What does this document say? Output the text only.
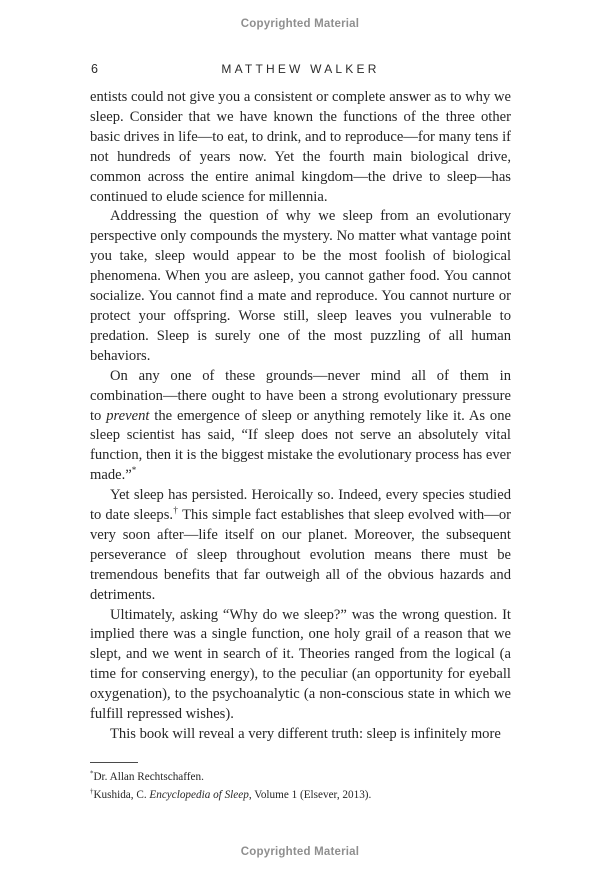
Copyrighted Material
6	MATTHEW WALKER

entists could not give you a consistent or complete answer as to why we sleep. Consider that we have known the functions of the three other basic drives in life—to eat, to drink, and to reproduce—for many tens if not hundreds of years now. Yet the fourth main biological drive, common across the entire animal kingdom—the drive to sleep—has continued to elude science for millennia.

Addressing the question of why we sleep from an evolutionary perspective only compounds the mystery. No matter what vantage point you take, sleep would appear to be the most foolish of biological phenomena. When you are asleep, you cannot gather food. You cannot socialize. You cannot find a mate and reproduce. You cannot nurture or protect your offspring. Worse still, sleep leaves you vulnerable to predation. Sleep is surely one of the most puzzling of all human behaviors.

On any one of these grounds—never mind all of them in combination—there ought to have been a strong evolutionary pressure to prevent the emergence of sleep or anything remotely like it. As one sleep scientist has said, “If sleep does not serve an absolutely vital function, then it is the biggest mistake the evolutionary process has ever made.”*

Yet sleep has persisted. Heroically so. Indeed, every species studied to date sleeps.† This simple fact establishes that sleep evolved with—or very soon after—life itself on our planet. Moreover, the subsequent perseverance of sleep throughout evolution means there must be tremendous benefits that far outweigh all of the obvious hazards and detriments.

Ultimately, asking “Why do we sleep?” was the wrong question. It implied there was a single function, one holy grail of a reason that we slept, and we went in search of it. Theories ranged from the logical (a time for conserving energy), to the peculiar (an opportunity for eyeball oxygenation), to the psychoanalytic (a non-conscious state in which we fulfill repressed wishes).

This book will reveal a very different truth: sleep is infinitely more

*Dr. Allan Rechtschaffen.

†Kushida, C. Encyclopedia of Sleep, Volume 1 (Elsever, 2013).

Copyrighted Material
